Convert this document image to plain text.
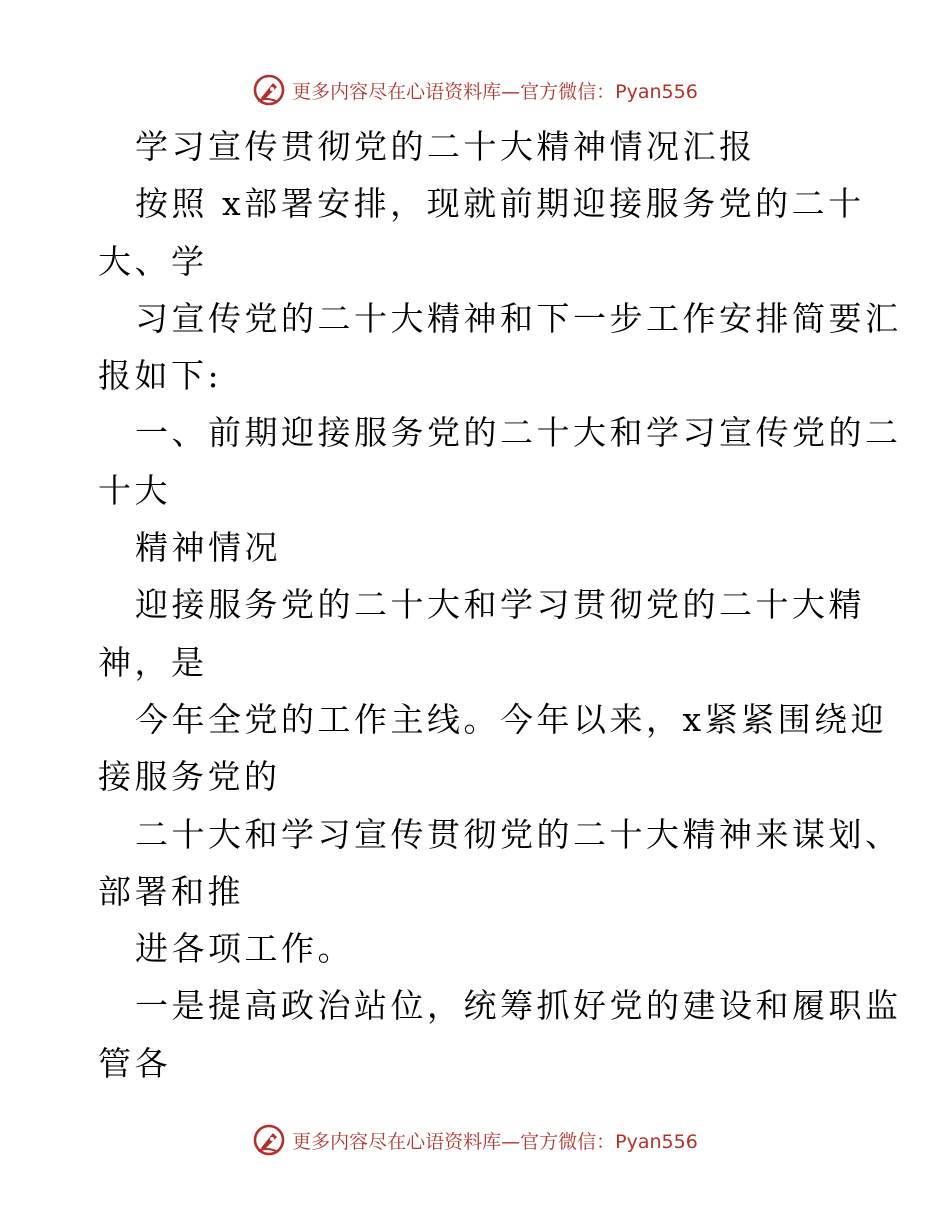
更多内容尽在心语资料库—官方微信：Pyan556
学习宣传贯彻党的二十大精神情况汇报
按照 x部署安排，现就前期迎接服务党的二十
大、学
习宣传党的二十大精神和下一步工作安排简要汇
报如下:
一、前期迎接服务党的二十大和学习宣传党的二
十大
精神情况
迎接服务党的二十大和学习贯彻党的二十大精
神，是
今年全党的工作主线。今年以来，x紧紧围绕迎
接服务党的
二十大和学习宣传贯彻党的二十大精神来谋划、
部署和推
进各项工作。
一是提高政治站位，统筹抓好党的建设和履职监
管各
更多内容尽在心语资料库—官方微信：Pyan556
